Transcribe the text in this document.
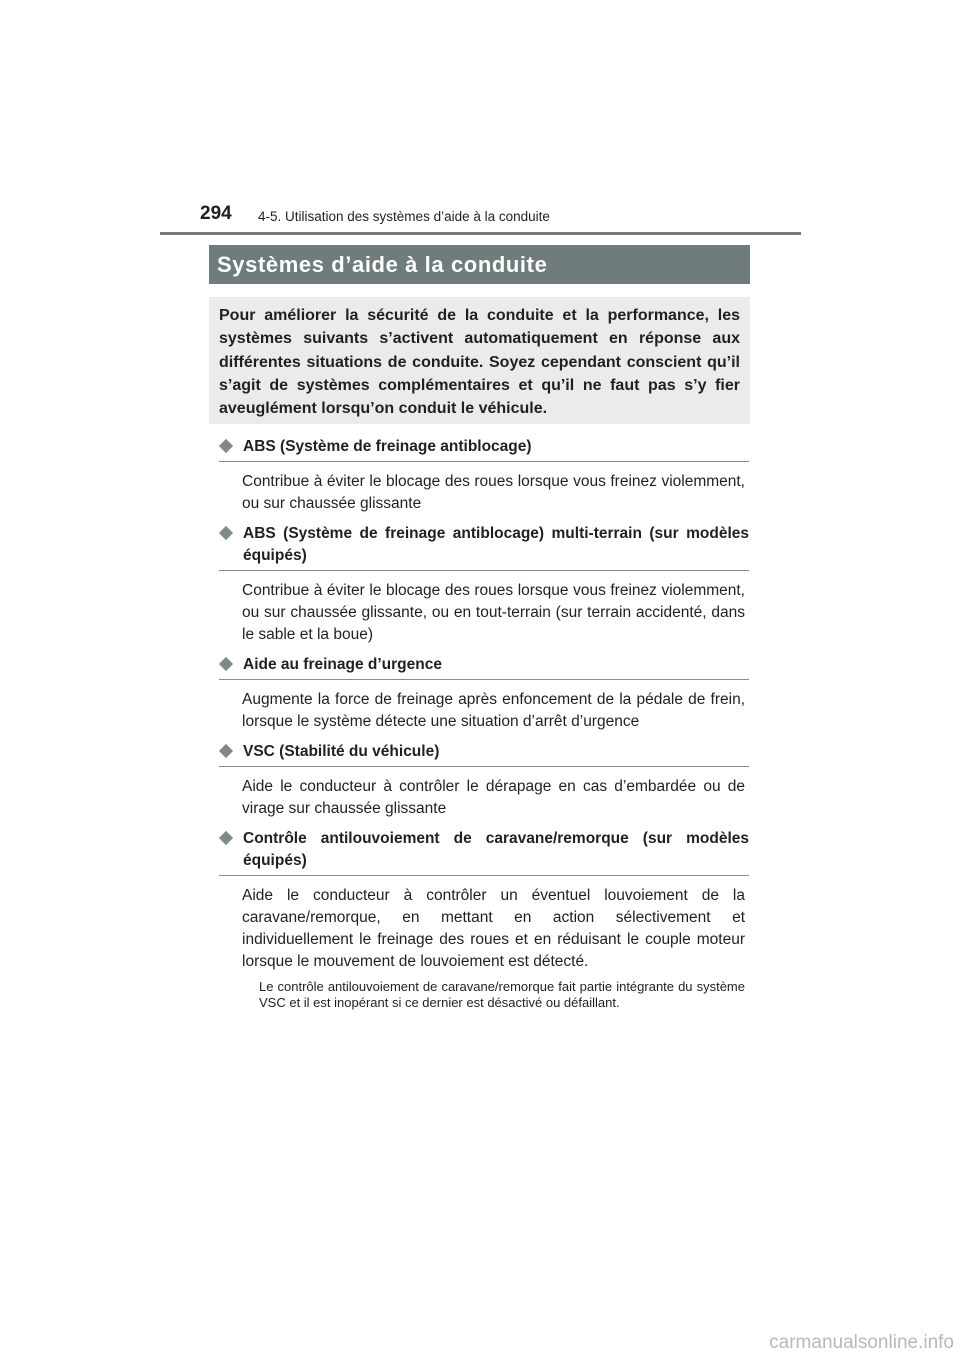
294 4-5. Utilisation des systèmes d’aide à la conduite
Systèmes d’aide à la conduite
Pour améliorer la sécurité de la conduite et la performance, les systèmes suivants s’activent automatiquement en réponse aux différentes situations de conduite. Soyez cependant conscient qu’il s’agit de systèmes complémentaires et qu’il ne faut pas s’y fier aveuglément lorsqu’on conduit le véhicule.
ABS (Système de freinage antiblocage)
Contribue à éviter le blocage des roues lorsque vous freinez violemment, ou sur chaussée glissante
ABS (Système de freinage antiblocage) multi-terrain (sur modèles équipés)
Contribue à éviter le blocage des roues lorsque vous freinez violemment, ou sur chaussée glissante, ou en tout-terrain (sur terrain accidenté, dans le sable et la boue)
Aide au freinage d’urgence
Augmente la force de freinage après enfoncement de la pédale de frein, lorsque le système détecte une situation d’arrêt d’urgence
VSC (Stabilité du véhicule)
Aide le conducteur à contrôler le dérapage en cas d’embardée ou de virage sur chaussée glissante
Contrôle antilouvoiement de caravane/remorque (sur modèles équipés)
Aide le conducteur à contrôler un éventuel louvoiement de la caravane/remorque, en mettant en action sélectivement et individuellement le freinage des roues et en réduisant le couple moteur lorsque le mouvement de louvoiement est détecté.
Le contrôle antilouvoiement de caravane/remorque fait partie intégrante du système VSC et il est inopérant si ce dernier est désactivé ou défaillant.
carmanualsonline.info
